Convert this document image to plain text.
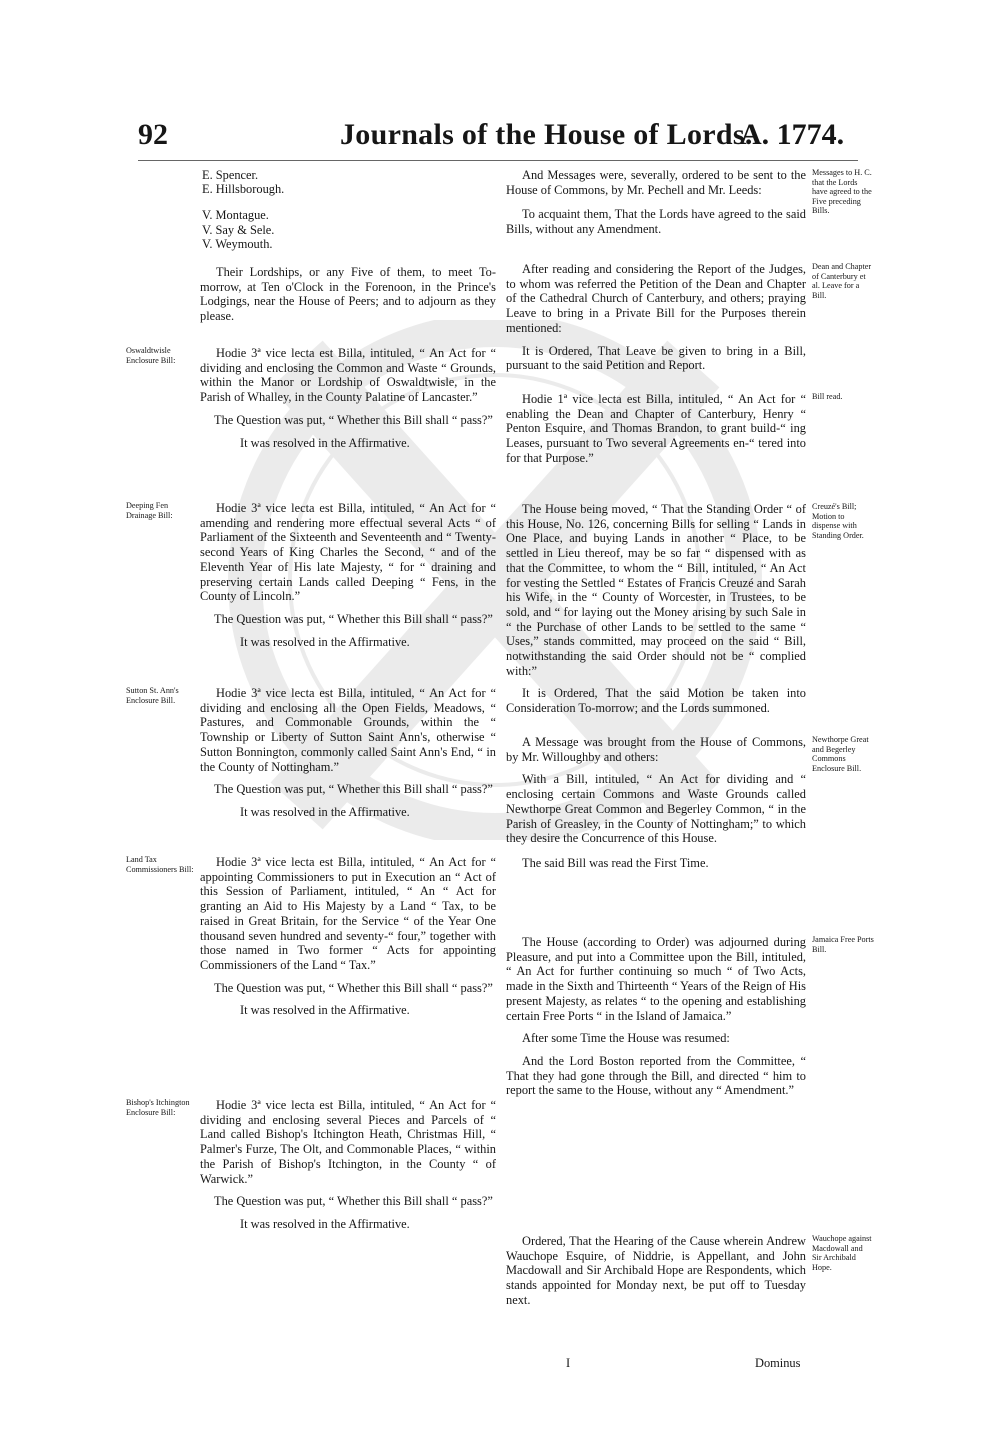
92	Journals of the House of Lords.
A. 1774.

E. Spencer.

E. Hillsborough.

V. Montague.

V. Say & Sele.

V. Weymouth.

Their Lordships, or any Five of them, to meet To-morrow, at Ten o'Clock in the Forenoon, in the Prince's Lodgings, near the House of Peers; and to adjourn as they please.

Oswaldtwisle Enclosure Bill:

Hodie 3ª vice lecta est Billa, intituled, “ An Act for “ dividing and enclosing the Common and Waste “ Grounds, within the Manor or Lordship of Oswaldtwisle, in the Parish of Whalley, in the County Palatine of Lancaster.”

The Question was put, “ Whether this Bill shall “ pass?”

It was resolved in the Affirmative.

Deeping Fen Drainage Bill:

Hodie 3ª vice lecta est Billa, intituled, “ An Act for “ amending and rendering more effectual several Acts “ of Parliament of the Sixteenth and Seventeenth and “ Twenty-second Years of King Charles the Second, “ and of the Eleventh Year of His late Majesty, “ for “ draining and preserving certain Lands called Deeping “ Fens, in the County of Lincoln.”

The Question was put, “ Whether this Bill shall “ pass?”

It was resolved in the Affirmative.

Sutton St. Ann's Enclosure Bill.

Hodie 3ª vice lecta est Billa, intituled, “ An Act for “ dividing and enclosing all the Open Fields, Meadows, “ Pastures, and Commonable Grounds, within the “ Township or Liberty of Sutton Saint Ann's, otherwise “ Sutton Bonnington, commonly called Saint Ann's End, “ in the County of Nottingham.”

The Question was put, “ Whether this Bill shall “ pass?”

It was resolved in the Affirmative.

Land Tax Commissioners Bill:

Hodie 3ª vice lecta est Billa, intituled, “ An Act for “ appointing Commissioners to put in Execution an “ Act of this Session of Parliament, intituled, “ An “ Act for granting an Aid to His Majesty by a Land “ Tax, to be raised in Great Britain, for the Service “ of the Year One thousand seven hundred and seventy-“ four,” together with those named in Two former “ Acts for appointing Commissioners of the Land “ Tax.”

The Question was put, “ Whether this Bill shall “ pass?”

It was resolved in the Affirmative.

Bishop's Itchington Enclosure Bill:

Hodie 3ª vice lecta est Billa, intituled, “ An Act for “ dividing and enclosing several Pieces and Parcels of “ Land called Bishop's Itchington Heath, Christmas Hill, “ Palmer's Furze, The Olt, and Commonable Places, “ within the Parish of Bishop's Itchington, in the County “ of Warwick.”

The Question was put, “ Whether this Bill shall “ pass?”

It was resolved in the Affirmative.

Messages to H. C. that the Lords have agreed to the Five preceding Bills.

And Messages were, severally, ordered to be sent to the House of Commons, by Mr. Pechell and Mr. Leeds:

To acquaint them, That the Lords have agreed to the said Bills, without any Amendment.

Dean and Chapter of Canterbury et al. Leave for a Bill.

After reading and considering the Report of the Judges, to whom was referred the Petition of the Dean and Chapter of the Cathedral Church of Canterbury, and others; praying Leave to bring in a Private Bill for the Purposes therein mentioned:

It is Ordered, That Leave be given to bring in a Bill, pursuant to the said Petition and Report.

Bill read.

Hodie 1ª vice lecta est Billa, intituled, “ An Act for “ enabling the Dean and Chapter of Canterbury, Henry “ Penton Esquire, and Thomas Brandon, to grant build-“ ing Leases, pursuant to Two several Agreements en-“ tered into for that Purpose.”

Creuzé's Bill; Motion to dispense with Standing Order.

The House being moved, “ That the Standing Order “ of this House, No. 126, concerning Bills for selling “ Lands in One Place, and buying Lands in another “ Place, to be settled in Lieu thereof, may be so far “ dispensed with as that the Committee, to whom the “ Bill, intituled, “ An Act for vesting the Settled “ Estates of Francis Creuzé and Sarah his Wife, in the “ County of Worcester, in Trustees, to be sold, and “ for laying out the Money arising by such Sale in “ the Purchase of other Lands to be settled to the same “ Uses,” stands committed, may proceed on the said “ Bill, notwithstanding the said Order should not be “ complied with:”

It is Ordered, That the said Motion be taken into Consideration To-morrow; and the Lords summoned.

Newthorpe Great and Begerley Commons Enclosure Bill.

A Message was brought from the House of Commons, by Mr. Willoughby and others:

With a Bill, intituled, “ An Act for dividing and “ enclosing certain Commons and Waste Grounds called Newthorpe Great Common and Begerley Common, “ in the Parish of Greasley, in the County of Nottingham;” to which they desire the Concurrence of this House.

The said Bill was read the First Time.

Jamaica Free Ports Bill.

The House (according to Order) was adjourned during Pleasure, and put into a Committee upon the Bill, intituled, “ An Act for further continuing so much “ of Two Acts, made in the Sixth and Thirteenth “ Years of the Reign of His present Majesty, as relates “ to the opening and establishing certain Free Ports “ in the Island of Jamaica.”

After some Time the House was resumed:

And the Lord Boston reported from the Committee, “ That they had gone through the Bill, and directed “ him to report the same to the House, without any “ Amendment.”

Wauchope against Macdowall and Sir Archibald Hope.

Ordered, That the Hearing of the Cause wherein Andrew Wauchope Esquire, of Niddrie, is Appellant, and John Macdowall and Sir Archibald Hope are Respondents, which stands appointed for Monday next, be put off to Tuesday next.

I	Dominus
